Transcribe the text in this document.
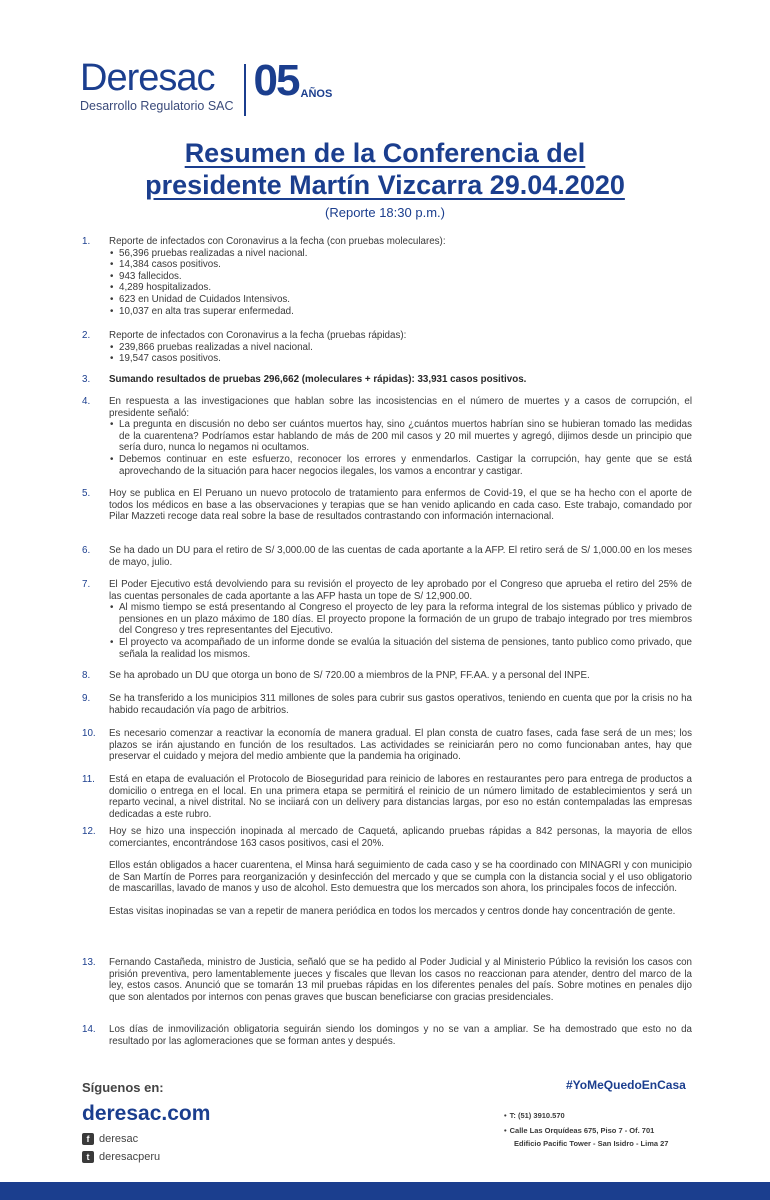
Deresac
Desarrollo Regulatorio SAC
05 AÑOS
Resumen de la Conferencia del
presidente Martín Vizcarra 29.04.2020
(Reporte 18:30 p.m.)
1.	Reporte de infectados con Coronavirus a la fecha (con pruebas moleculares):

• 56,396 pruebas realizadas a nivel nacional.
• 14,384 casos positivos.
• 943 fallecidos.
• 4,289 hospitalizados.
• 623 en Unidad de Cuidados Intensivos.
• 10,037 en alta tras superar enfermedad.
2.	Reporte de infectados con Coronavirus a la fecha (pruebas rápidas):

• 239,866 pruebas realizadas a nivel nacional.
• 19,547 casos positivos.
3.	Sumando resultados de pruebas 296,662 (moleculares + rápidas): 33,931 casos positivos.

4.	En respuesta a las investigaciones que hablan sobre las incosistencias en el número de muertes y a casos de corrupción, el presidente señaló:

• La pregunta en discusión no debo ser cuántos muertos hay, sino ¿cuántos muertos habrían sino se hubieran tomado las medidas de la cuarentena? Podríamos estar hablando de más de 200 mil casos y 20 mil muertes y agregó, dijimos desde un principio que sería duro, nunca lo negamos ni ocultamos.
• Debemos continuar en este esfuerzo, reconocer los errores y enmendarlos. Castigar la corrupción, hay gente que se está aprovechando de la situación para hacer negocios ilegales, los vamos a encontrar y castigar.
5.	Hoy se publica en El Peruano un nuevo protocolo de tratamiento para enfermos de Covid-19, el que se ha hecho con el aporte de todos los médicos en base a las observaciones y terapias que se han venido aplicando en cada caso. Este trabajo, comandado por Pilar Mazzeti recoge data real sobre la base de resultados contrastando con información internacional.

6.	Se ha dado un DU para el retiro de S/ 3,000.00 de las cuentas de cada aportante a la AFP. El retiro será de S/ 1,000.00 en los meses de mayo, julio.

7.	El Poder Ejecutivo está devolviendo para su revisión el proyecto de ley aprobado por el Congreso que aprueba el retiro del 25% de las cuentas personales de cada aportante a las AFP hasta un tope de S/ 12,900.00.

• Al mismo tiempo se está presentando al Congreso el proyecto de ley para la reforma integral de los sistemas público y privado de pensiones en un plazo máximo de 180 días. El proyecto propone la formación de un grupo de trabajo integrado por tres miembros del Congreso y tres representantes del Ejecutivo.
• El proyecto va acompañado de un informe donde se evalúa la situación del sistema de pensiones, tanto publico como privado, que señala la realidad los mismos.
8.	Se ha aprobado un DU que otorga un bono de S/ 720.00 a miembros de la PNP, FF.AA. y a personal del INPE.

9.	Se ha transferido a los municipios 311 millones de soles para cubrir sus gastos operativos, teniendo en cuenta que por la crisis no ha habido recaudación vía pago de arbitrios.

10.	Es necesario comenzar a reactivar la economía de manera gradual. El plan consta de cuatro fases, cada fase será de un mes; los plazos se irán ajustando en función de los resultados. Las actividades se reiniciarán pero no como funcionaban antes, hay que preservar el cuidado y mejora del medio ambiente que la pandemia ha originado.

11.	Está en etapa de evaluación el Protocolo de Bioseguridad para reinicio de labores en restaurantes pero para entrega de productos a domicilio o entrega en el local. En una primera etapa se permitirá el reinicio de un número limitado de establecimientos y será un reparto vecinal, a nivel distrital. No se inciiará con un delivery para distancias largas, por eso no están contempaladas las empresas dedicadas a este rubro.

12.	Hoy se hizo una inspección inopinada al mercado de Caquetá, aplicando pruebas rápidas a 842 personas, la mayoria de ellos comerciantes, encontrándose 163 casos positivos, casi el 20%.

Ellos están obligados a hacer cuarentena, el Minsa hará seguimiento de cada caso y se ha coordinado con MINAGRI y con municipio de San Martín de Porres para reorganización y desinfección del mercado y que se cumpla con la distancia social y el uso obligatorio de mascarillas, lavado de manos y uso de alcohol. Esto demuestra que los mercados son ahora, los principales focos de infección.

Estas visitas inopinadas se van a repetir de manera periódica en todos los mercados y centros donde hay concentración de gente.

13.	Fernando Castañeda, ministro de Justicia, señaló que se ha pedido al Poder Judicial y al Ministerio Público la revisión los casos con prisión preventiva, pero lamentablemente jueces y fiscales que llevan los casos no reaccionan para atender, dentro del marco de la ley, estos casos. Anunció que se tomarán 13 mil pruebas rápidas en los diferentes penales del país. Sobre motines en penales dijo que son alentados por internos con penas graves que buscan beneficiarse con gracias presidenciales.

14.	Los días de inmovilización obligatoria seguirán siendo los domingos y no se van a ampliar. Se ha demostrado que esto no da resultado por las aglomeraciones que se forman antes y después.

Síguenos en:
deresac.com
f deresac
t deresacperu
#YoMeQuedoEnCasa
• T: (51) 3910.570
• Calle Las Orquídeas 675, Piso 7 - Of. 701
Edificio Pacific Tower - San Isidro - Lima 27
